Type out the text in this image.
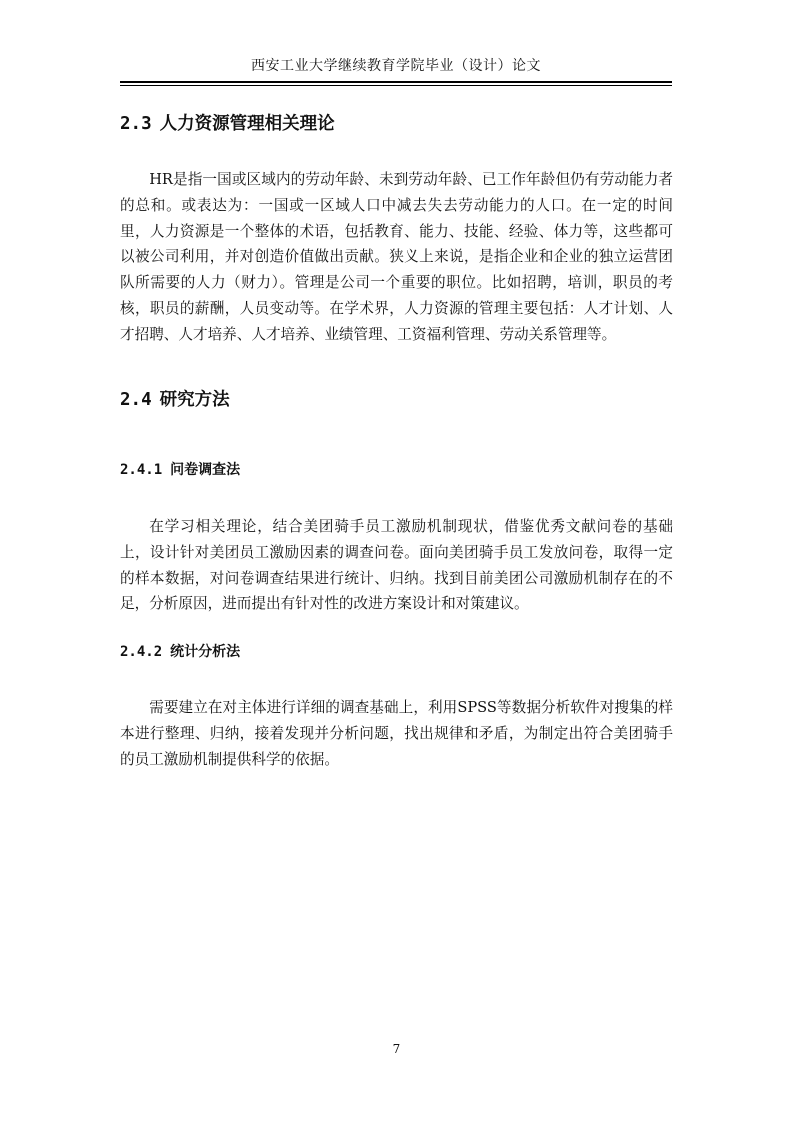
西安工业大学继续教育学院毕业（设计）论文
2.3 人力资源管理相关理论

HR是指一国或区域内的劳动年龄、未到劳动年龄、已工作年龄但仍有劳动能力者的总和。或表达为：一国或一区域人口中减去失去劳动能力的人口。在一定的时间里，人力资源是一个整体的术语，包括教育、能力、技能、经验、体力等，这些都可以被公司利用，并对创造价值做出贡献。狭义上来说，是指企业和企业的独立运营团队所需要的人力（财力）。管理是公司一个重要的职位。比如招聘，培训，职员的考核，职员的薪酬，人员变动等。在学术界，人力资源的管理主要包括：人才计划、人才招聘、人才培养、人才培养、业绩管理、工资福利管理、劳动关系管理等。

2.4 研究方法
2.4.1 问卷调查法

在学习相关理论，结合美团骑手员工激励机制现状，借鉴优秀文献问卷的基础上，设计针对美团员工激励因素的调查问卷。面向美团骑手员工发放问卷，取得一定的样本数据，对问卷调查结果进行统计、归纳。找到目前美团公司激励机制存在的不足，分析原因，进而提出有针对性的改进方案设计和对策建议。

2.4.2 统计分析法

需要建立在对主体进行详细的调查基础上，利用SPSS等数据分析软件对搜集的样本进行整理、归纳，接着发现并分析问题，找出规律和矛盾，为制定出符合美团骑手的员工激励机制提供科学的依据。

7
